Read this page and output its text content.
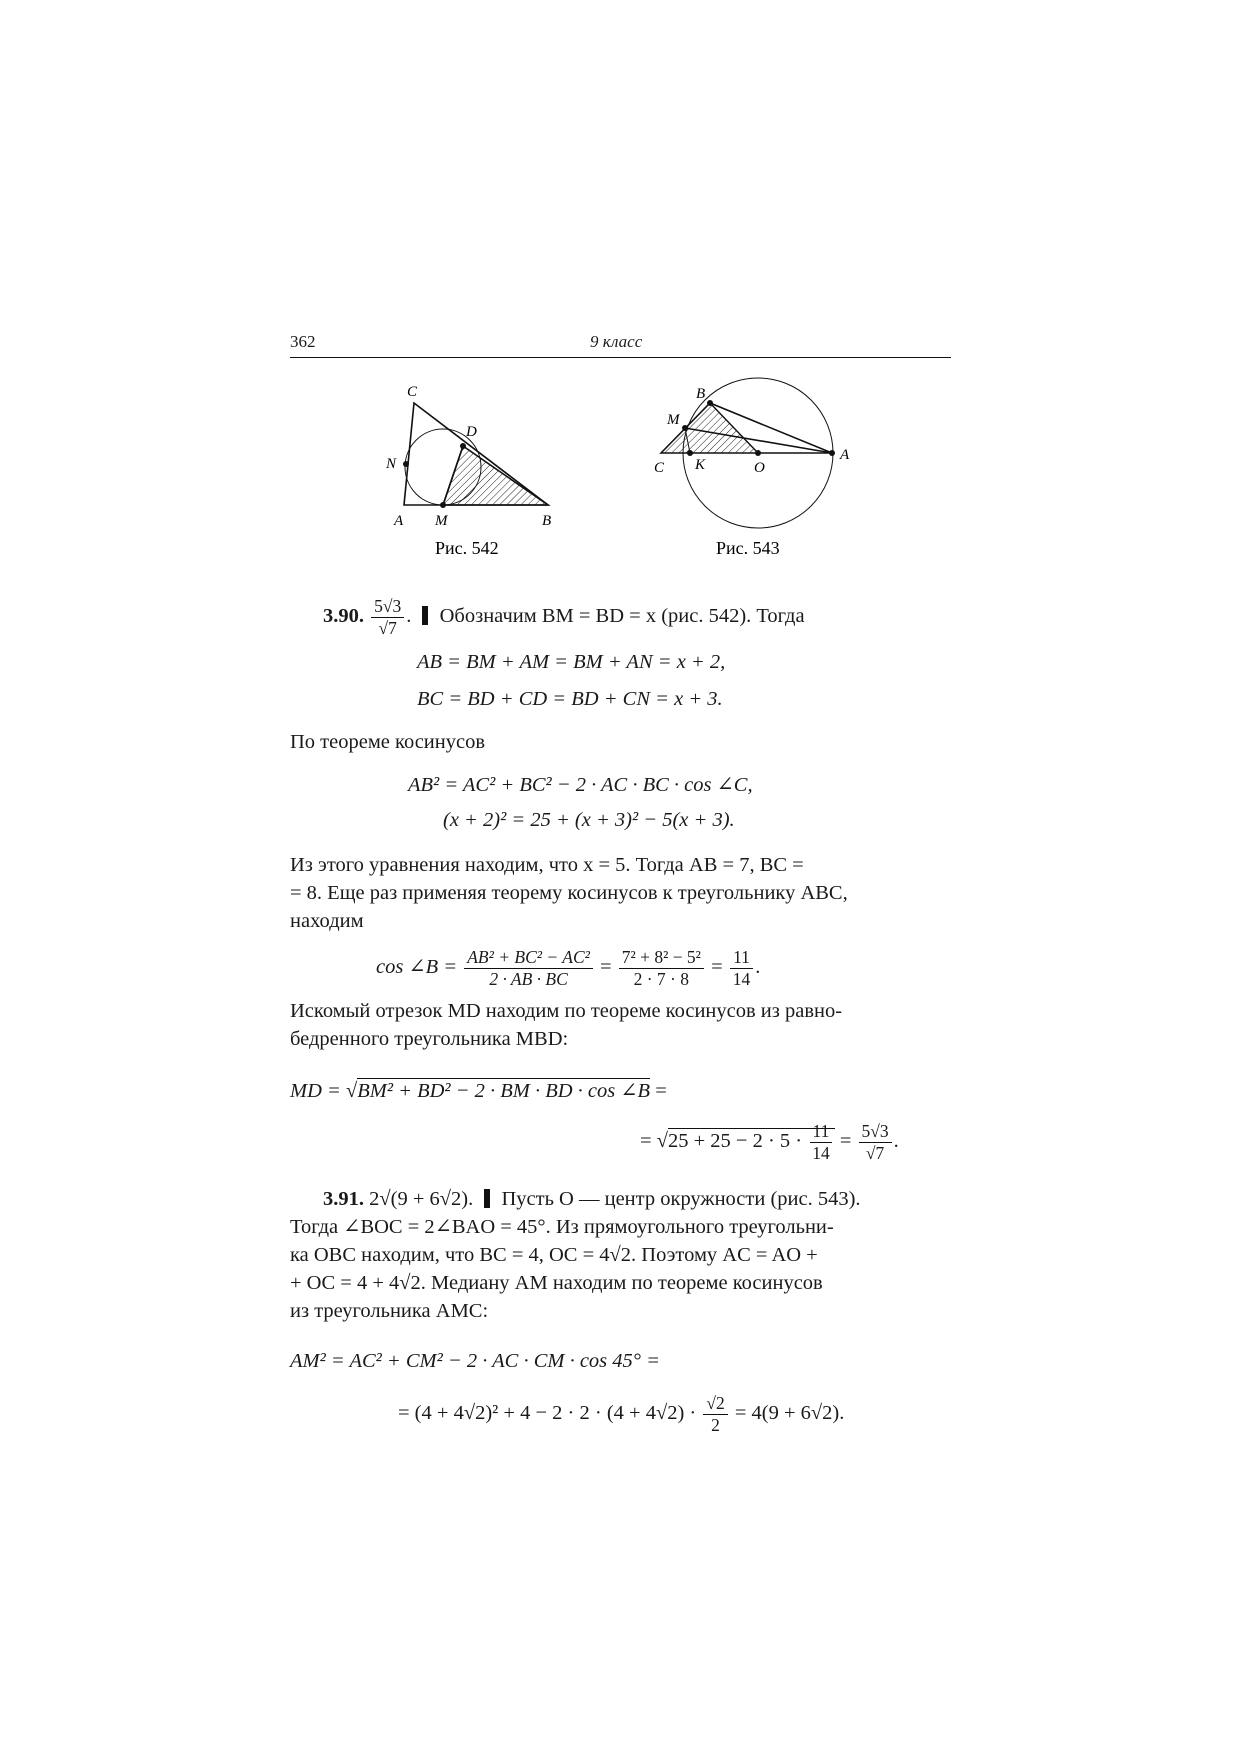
362	9 класс
C
D
N
A M	B
Рис. 542
B
M
C K	O
A
Рис. 543
3.90. $\frac{5√3}{√7}$ .  Обозначим BM = BD = x (рис. 542). Тогда
AB = BM + AM = BM + AN = x + 2,
BC = BD + CD = BD + CN = x + 3.
По теореме косинусов
AB² = AC² + BC² − 2 · AC · BC · cos ∠C,
(x + 2)² = 25 + (x + 3)² − 5(x + 3).
Из этого уравнения находим, что x = 5. Тогда AB = 7, BC =
= 8. Еще раз применяя теорему косинусов к треугольнику ABC,
находим
cos ∠B = $\frac{\text{AB² + BC² − AC²}}{2 \cdot AB \cdot BC} = \frac{\text{7² + 8² − 5²}}{2 \cdot 7 \cdot 8} = \frac{11}{14}$ .
Искомый отрезок MD находим по теореме косинусов из равно-
бедренного треугольника MBD:
MD = √BM² + BD² − 2 · BM · BD · cos ∠B =
= $√25 + 25 - 2 \cdot 5 \cdot \frac{11}{14} = \frac{5√3}{√7}$ .
3.91. 2√(9 + 6√2). Пусть O — центр окружности (рис. 543).
Тогда ∠BOC = 2∠BAO = 45°. Из прямоугольного треугольни-
ка OBC находим, что BC = 4, OC = 4√2. Поэтому AC = AO +
+ OC = 4 + 4√2. Медиану AM находим по теореме косинусов
из треугольника AMC:
AM² = AC² + CM² − 2 · AC · CM · cos 45° =
= $(4 + 4√2)^2 + 4 - 2 \cdot 2 \cdot (4 + 4√2) \cdot \frac{√2}{2} = 4(9 + 6√2)$.
